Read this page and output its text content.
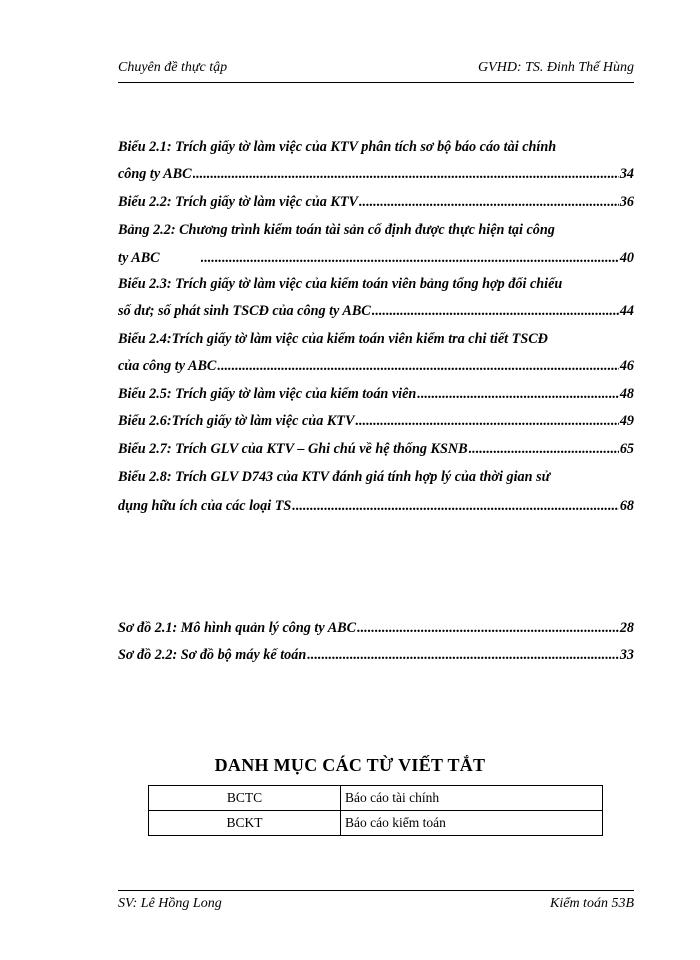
Chuyên đề thực tập	GVHD: TS. Đinh Thế Hùng
Biểu 2.1: Trích giấy tờ làm việc của KTV phân tích sơ bộ báo cáo tài chính
công ty ABC .....	34
Biểu 2.2: Trích giấy tờ làm việc của KTV .....	36
Bảng 2.2: Chương trình kiểm toán tài sản cố định được thực hiện tại công
ty ABC .....	40
Biểu 2.3: Trích giấy tờ làm việc của kiểm toán viên bảng tổng hợp đối chiếu
số dư; số phát sinh TSCĐ của công ty ABC .....	44
Biểu 2.4:Trích giấy tờ làm việc của kiểm toán viên kiểm tra chi tiết TSCĐ
của công ty ABC .....	46
Biểu 2.5: Trích giấy tờ làm việc của kiểm toán viên .....	48
Biểu 2.6:Trích giấy tờ làm việc của KTV .....	49
Biểu 2.7: Trích GLV của KTV – Ghi chú về hệ thống KSNB .....	65
Biểu 2.8: Trích GLV D743 của KTV đánh giá tính hợp lý của thời gian sử
dụng hữu ích của các loại TS .....	68
Sơ đồ 2.1: Mô hình quản lý công ty ABC .....	28
Sơ đồ 2.2: Sơ đồ bộ máy kế toán .....	33
DANH MỤC CÁC TỪ VIẾT TẮT
BCTC	Báo cáo tài chính
BCKT	Báo cáo kiểm toán
SV: Lê Hồng Long	Kiểm toán 53B
